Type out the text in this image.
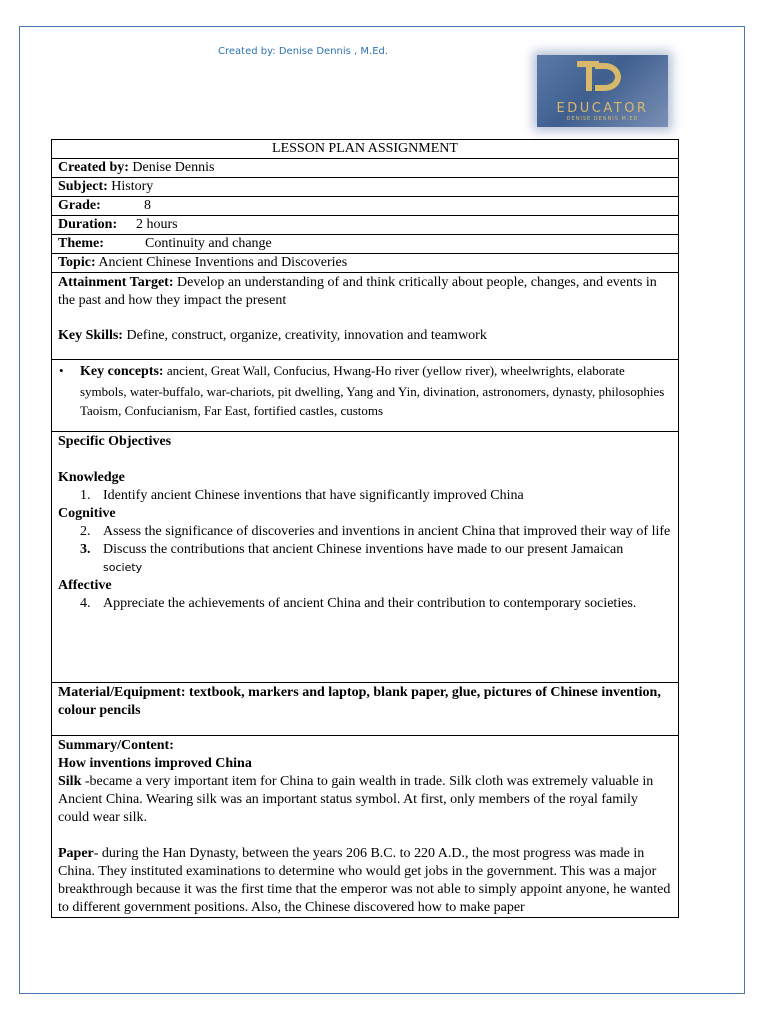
Created by: Denise Dennis , M.Ed.
EDUCATOR
DENISE DENNIS M.ED
LESSON PLAN ASSIGNMENT
Created by: Denise Dennis
Subject: History
Grade:	8
Duration: 2 hours
Theme:	Continuity and change
Topic: Ancient Chinese Inventions and Discoveries

Attainment Target: Develop an understanding of and think critically about people, changes, and events in the past and how they impact the present
Key Skills: Define, construct, organize, creativity, innovation and teamwork

• Key concepts: ancient, Great Wall, Confucius, Hwang-Ho river (yellow river), wheelwrights, elaborate symbols, water-buffalo, war-chariots, pit dwelling, Yang and Yin, divination, astronomers, dynasty, philosophies Taoism, Confucianism, Far East, fortified castles, customs

Specific Objectives
Knowledge
1. Identify ancient Chinese inventions that have significantly improved China
Cognitive
2. Assess the significance of discoveries and inventions in ancient China that improved their way of life
3. Discuss the contributions that ancient Chinese inventions have made to our present Jamaican
society
Affective
4. Appreciate the achievements of ancient China and their contribution to contemporary societies.

Material/Equipment: textbook, markers and laptop, blank paper, glue, pictures of Chinese invention, colour pencils

Summary/Content:
How inventions improved China
Silk -became a very important item for China to gain wealth in trade. Silk cloth was extremely valuable in Ancient China. Wearing silk was an important status symbol. At first, only members of the royal family could wear silk.
Paper- during the Han Dynasty, between the years 206 B.C. to 220 A.D., the most progress was made in China. They instituted examinations to determine who would get jobs in the government. This was a major breakthrough because it was the first time that the emperor was not able to simply appoint anyone, he wanted to different government positions. Also, the Chinese discovered how to make paper
